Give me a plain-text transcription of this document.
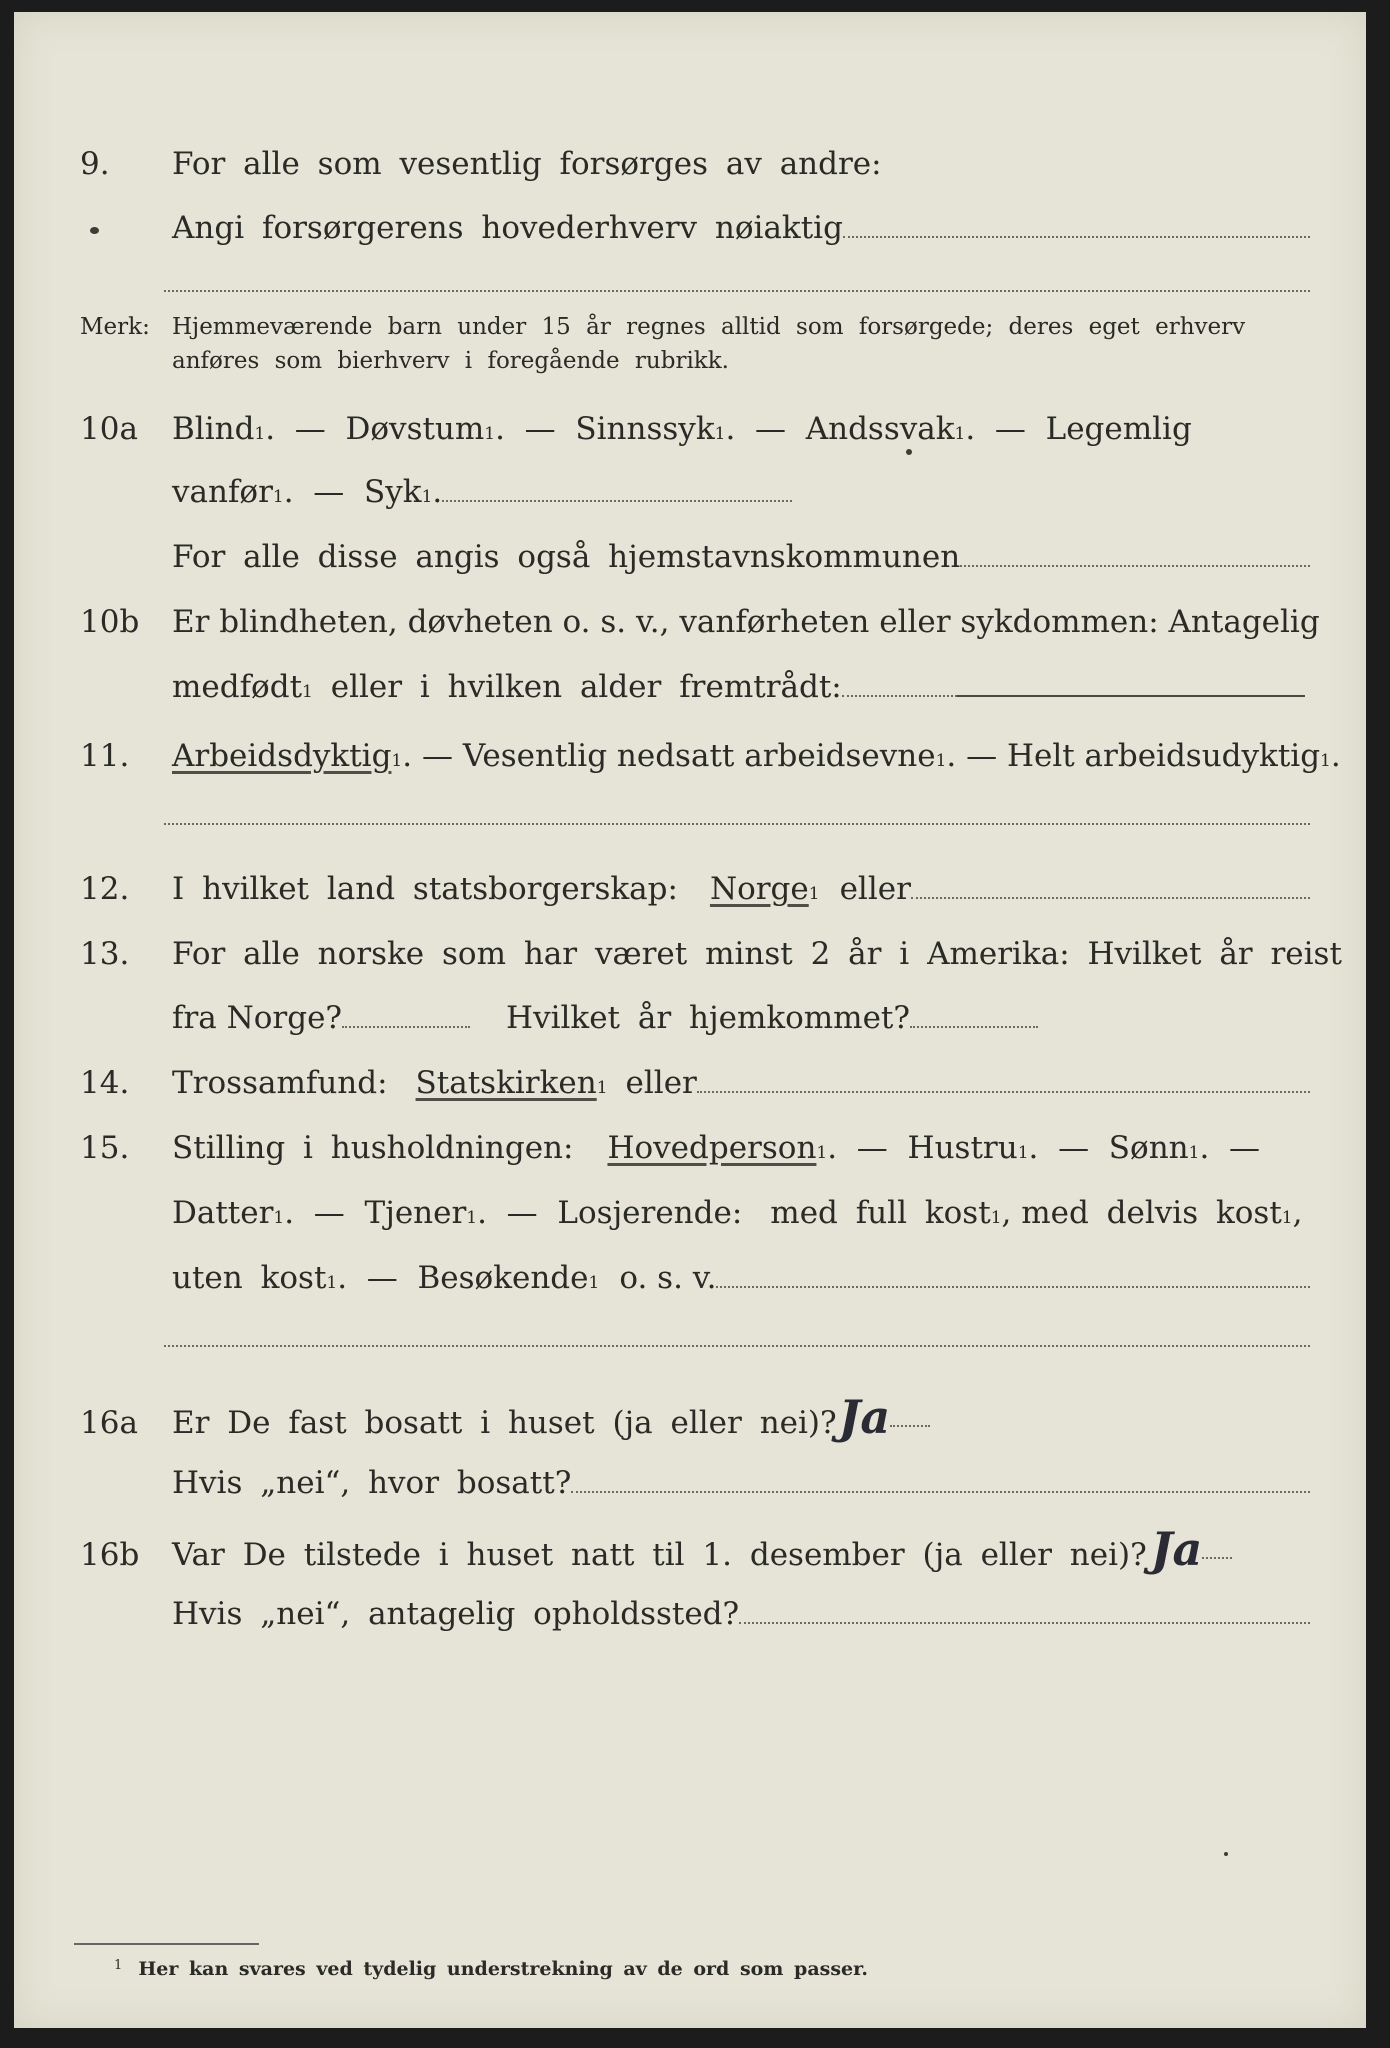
9.	For alle som vesentlig forsørges av andre:
Angi forsørgerens hovederhverv nøiaktig
Merk: Hjemmeværende barn under 15 år regnes alltid som forsørgede; deres eget erhverv
anføres som bierhverv i foregående rubrikk.
10a	Blind 1 .  — Døvstum 1 .  — Sinnssyk 1 .  — Andssvak 1 .  — Legemlig
vanfør 1 .  — Syk 1 .
For alle disse angis også hjemstavnskommunen
10b	Er blindheten, døvheten o. s. v., vanførheten eller sykdommen: Antagelig
medfødt 1
eller i hvilken alder fremtrådt:
11.	Arbeidsdyktig 1 . — Vesentlig nedsatt arbeidsevne 1 . — Helt arbeidsudyktig 1 .
12.	I hvilket land statsborgerskap: Norge 1 eller
13.	For alle norske som har været minst 2 år i Amerika: Hvilket år reist
fra Norge?	Hvilket år hjemkommet?
14.	Trossamfund: Statskirken 1 eller
15.	Stilling i husholdningen: Hovedperson 1 .  — Hustru 1 .  — Sønn 1 .  —
Datter 1 .  — Tjener 1 .  — Losjerende: med full kost 1 , med delvis kost 1 ,
uten kost 1 .  — Besøkende 1 o. s. v.
16a	Er De fast bosatt i huset (ja eller nei)? Ja
Hvis „nei“, hvor bosatt?
16b	Var De tilstede i huset natt til 1. desember (ja eller nei)? Ja
Hvis „nei“, antagelig opholdssted?
$^1$ Her kan svares ved tydelig understrekning av de ord som passer.
